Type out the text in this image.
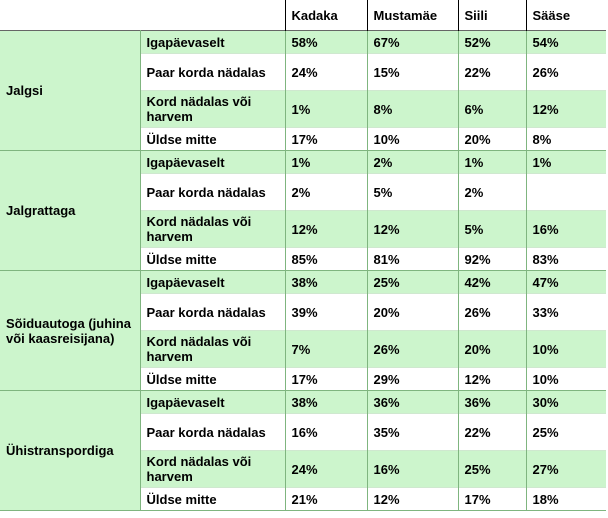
		Kadaka	Mustamäe	Siili	Sääse
Jalgsi	Igapäevaselt	58%	67%	52%	54%
	Paar korda nädalas	24%	15%	22%	26%
	Kord nädalas või harvem	1%	8%	6%	12%
	Üldse mitte	17%	10%	20%	8%
Jalgrattaga	Igapäevaselt	1%	2%	1%	1%
	Paar korda nädalas	2%	5%	2%	
	Kord nädalas või harvem	12%	12%	5%	16%
	Üldse mitte	85%	81%	92%	83%
Sõiduautoga (juhina või kaasreisijana)	Igapäevaselt	38%	25%	42%	47%
	Paar korda nädalas	39%	20%	26%	33%
	Kord nädalas või harvem	7%	26%	20%	10%
	Üldse mitte	17%	29%	12%	10%
Ühistranspordiga	Igapäevaselt	38%	36%	36%	30%
	Paar korda nädalas	16%	35%	22%	25%
	Kord nädalas või harvem	24%	16%	25%	27%
	Üldse mitte	21%	12%	17%	18%
